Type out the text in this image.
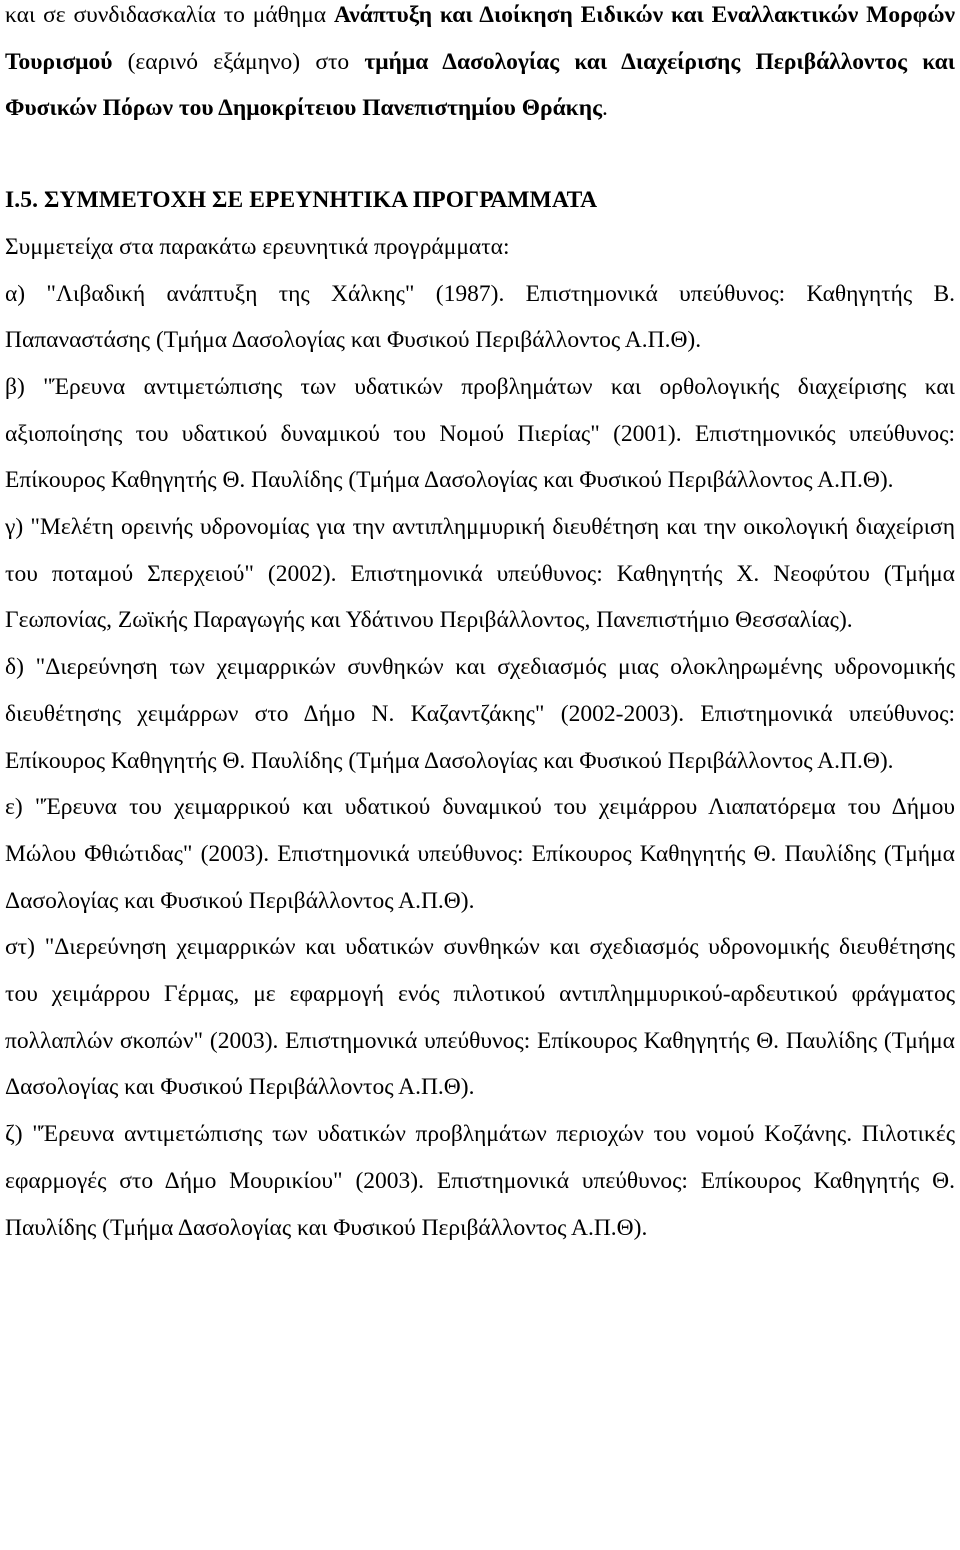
και σε συνδιδασκαλία το μάθημα Ανάπτυξη και Διοίκηση Ειδικών και Εναλλακτικών Μορφών Τουρισμού (εαρινό εξάμηνο) στο τμήμα Δασολογίας και Διαχείρισης Περιβάλλοντος και Φυσικών Πόρων του Δημοκρίτειου Πανεπιστημίου Θράκης.

Ι.5. ΣΥΜΜΕΤΟΧΗ ΣΕ ΕΡΕΥΝΗΤΙΚΑ ΠΡΟΓΡΑΜΜΑΤΑ

Συμμετείχα στα παρακάτω ερευνητικά προγράμματα:

α) "Λιβαδική ανάπτυξη της Χάλκης" (1987). Επιστημονικά υπεύθυνος: Καθηγητής Β. Παπαναστάσης (Τμήμα Δασολογίας και Φυσικού Περιβάλλοντος Α.Π.Θ).

β) "Έρευνα αντιμετώπισης των υδατικών προβλημάτων και ορθολογικής διαχείρισης και αξιοποίησης του υδατικού δυναμικού του Νομού Πιερίας" (2001). Επιστημονικός υπεύθυνος: Επίκουρος Καθηγητής Θ. Παυλίδης (Τμήμα Δασολογίας και Φυσικού Περιβάλλοντος Α.Π.Θ).

γ) "Μελέτη ορεινής υδρονομίας για την αντιπλημμυρική διευθέτηση και την οικολογική διαχείριση του ποταμού Σπερχειού" (2002). Επιστημονικά υπεύθυνος: Καθηγητής Χ. Νεοφύτου (Τμήμα Γεωπονίας, Ζωϊκής Παραγωγής και Υδάτινου Περιβάλλοντος, Πανεπιστήμιο Θεσσαλίας).

δ) "Διερεύνηση των χειμαρρικών συνθηκών και σχεδιασμός μιας ολοκληρωμένης υδρονομικής διευθέτησης χειμάρρων στο Δήμο Ν. Καζαντζάκης" (2002-2003). Επιστημονικά υπεύθυνος: Επίκουρος Καθηγητής Θ. Παυλίδης (Τμήμα Δασολογίας και Φυσικού Περιβάλλοντος Α.Π.Θ).

ε) "Έρευνα του χειμαρρικού και υδατικού δυναμικού του χειμάρρου Λιαπατόρεμα του Δήμου Μώλου Φθιώτιδας" (2003). Επιστημονικά υπεύθυνος: Επίκουρος Καθηγητής Θ. Παυλίδης (Τμήμα Δασολογίας και Φυσικού Περιβάλλοντος Α.Π.Θ).

στ) "Διερεύνηση χειμαρρικών και υδατικών συνθηκών και σχεδιασμός υδρονομικής διευθέτησης του χειμάρρου Γέρμας, με εφαρμογή ενός πιλοτικού αντιπλημμυρικού-αρδευτικού φράγματος πολλαπλών σκοπών" (2003). Επιστημονικά υπεύθυνος: Επίκουρος Καθηγητής Θ. Παυλίδης (Τμήμα Δασολογίας και Φυσικού Περιβάλλοντος Α.Π.Θ).

ζ) "Έρευνα αντιμετώπισης των υδατικών προβλημάτων περιοχών του νομού Κοζάνης. Πιλοτικές εφαρμογές στο Δήμο Μουρικίου" (2003). Επιστημονικά υπεύθυνος: Επίκουρος Καθηγητής Θ. Παυλίδης (Τμήμα Δασολογίας και Φυσικού Περιβάλλοντος Α.Π.Θ).
